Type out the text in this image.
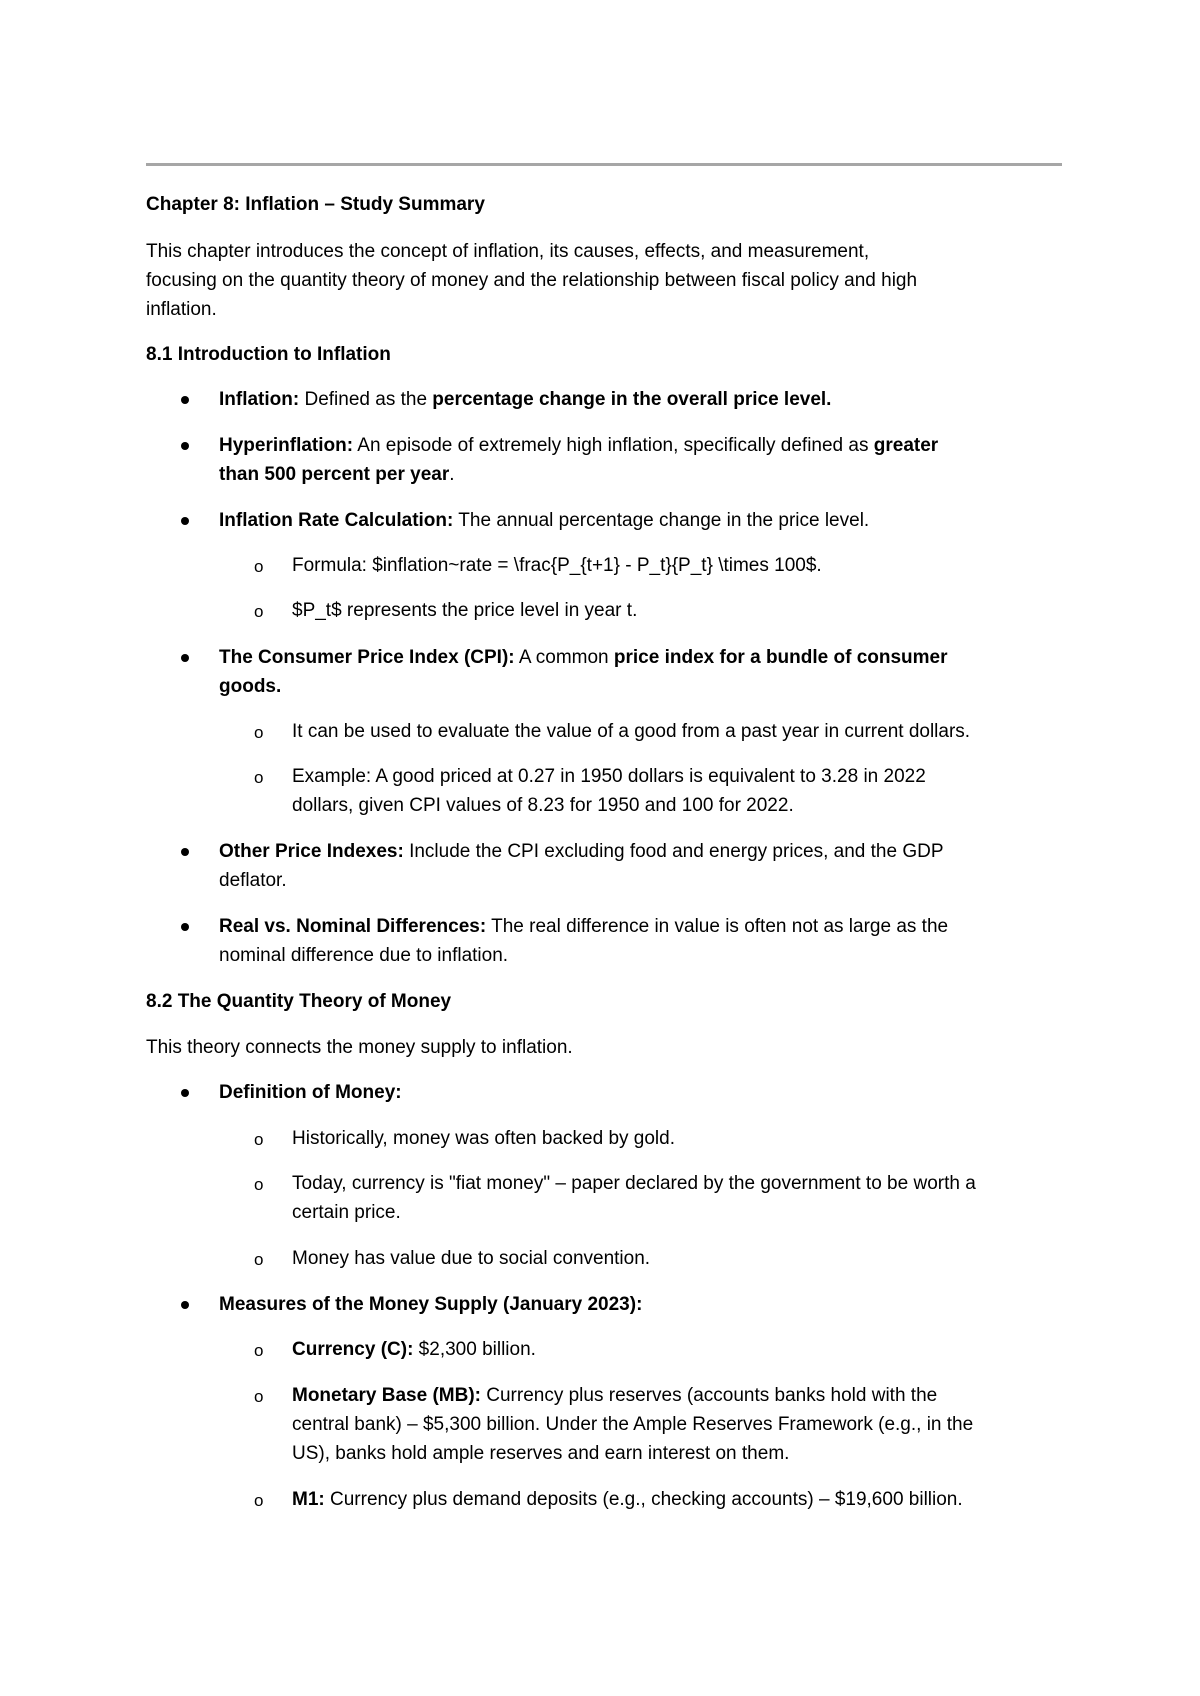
Chapter 8: Inflation – Study Summary

This chapter introduces the concept of inflation, its causes, effects, and measurement,

focusing on the quantity theory of money and the relationship between fiscal policy and high

inflation.

8.1 Introduction to Inflation

Inflation: Defined as the percentage change in the overall price level.

Hyperinflation: An episode of extremely high inflation, specifically defined as greater

than 500 percent per year.

Inflation Rate Calculation: The annual percentage change in the price level.

o Formula: $inflation~rate = \frac{P_{t+1} - P_t}{P_t} \times 100$.

o $P_t$ represents the price level in year t.

The Consumer Price Index (CPI): A common price index for a bundle of consumer

goods.

o It can be used to evaluate the value of a good from a past year in current dollars.

o Example: A good priced at 0.27 in 1950 dollars is equivalent to 3.28 in 2022

dollars, given CPI values of 8.23 for 1950 and 100 for 2022.

Other Price Indexes: Include the CPI excluding food and energy prices, and the GDP

deflator.

Real vs. Nominal Differences: The real difference in value is often not as large as the

nominal difference due to inflation.

8.2 The Quantity Theory of Money

This theory connects the money supply to inflation.

Definition of Money:

o Historically, money was often backed by gold.

o Today, currency is "fiat money" – paper declared by the government to be worth a

certain price.

o Money has value due to social convention.

Measures of the Money Supply (January 2023):

o Currency (C): $2,300 billion.

o Monetary Base (MB): Currency plus reserves (accounts banks hold with the

central bank) – $5,300 billion. Under the Ample Reserves Framework (e.g., in the

US), banks hold ample reserves and earn interest on them.

o M1: Currency plus demand deposits (e.g., checking accounts) – $19,600 billion.
